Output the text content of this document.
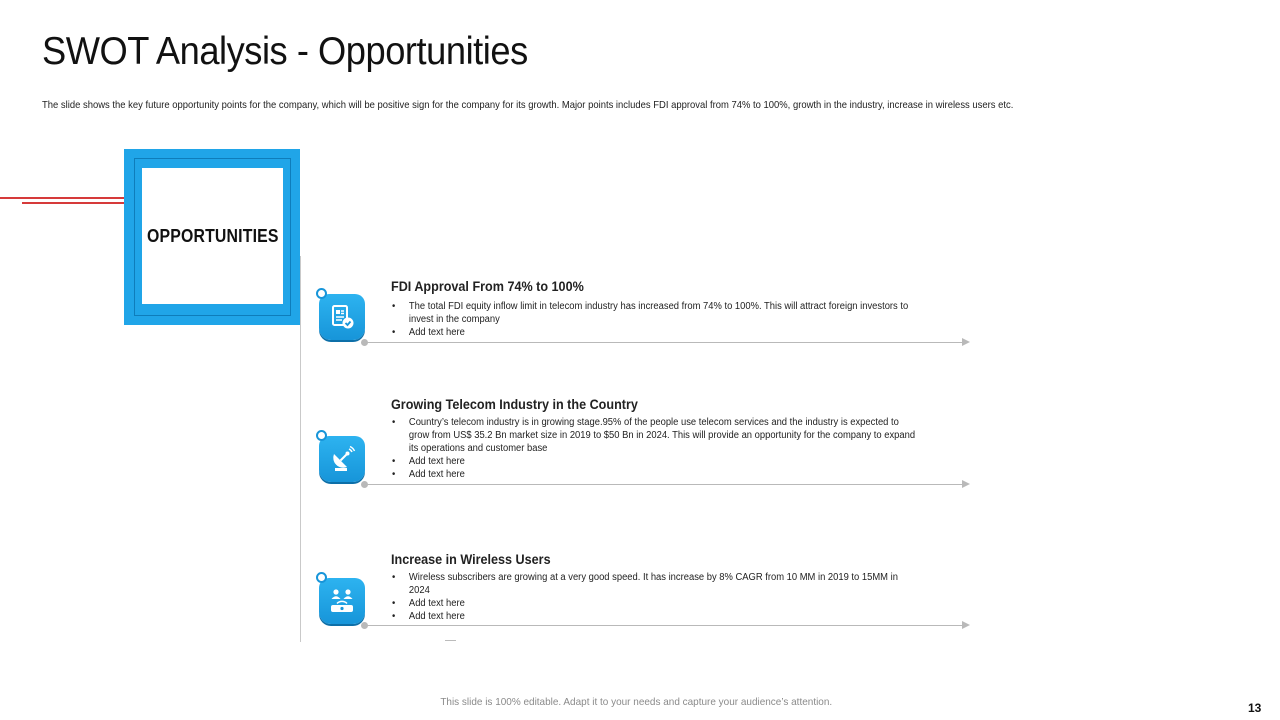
SWOT Analysis - Opportunities
The slide shows the key future opportunity points for the company, which will be positive sign for the company for its growth. Major points includes FDI approval from 74% to 100%, growth in the industry, increase in wireless users etc.
OPPORTUNITIES
FDI Approval From 74% to 100%
• The total FDI equity inflow limit in telecom industry has increased from 74% to 100%. This will attract foreign investors to invest in the company
• Add text here
Growing Telecom Industry in the Country
• Country’s telecom industry is in growing stage.95% of the people use telecom services and the industry is expected to grow from US$ 35.2 Bn market size in 2019 to $50 Bn in 2024. This will provide an opportunity for the company to expand its operations and customer base
• Add text here
• Add text here
Increase in Wireless Users
• Wireless subscribers are growing at a very good speed. It has increase by 8% CAGR from 10 MM in 2019 to 15MM in 2024
• Add text here
• Add text here
This slide is 100% editable. Adapt it to your needs and capture your audience’s attention.	13
